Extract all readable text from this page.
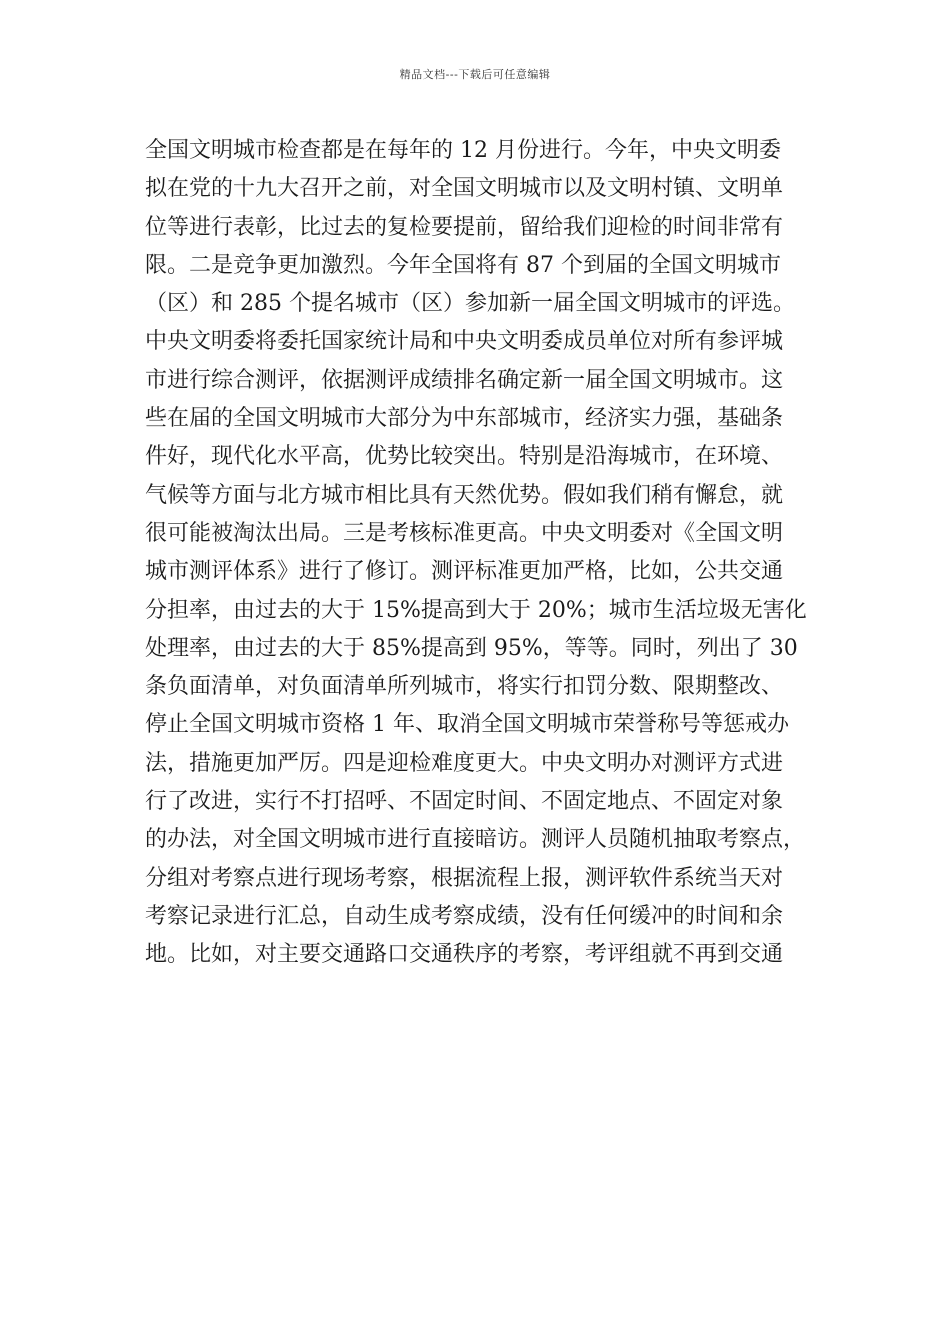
精品文档---下载后可任意编辑
全国文明城市检查都是在每年的 12 月份进行。今年，中央文明委
拟在党的十九大召开之前，对全国文明城市以及文明村镇、文明单
位等进行表彰，比过去的复检要提前，留给我们迎检的时间非常有
限。二是竞争更加激烈。今年全国将有 87 个到届的全国文明城市
（区）和 285 个提名城市（区）参加新一届全国文明城市的评选。
中央文明委将委托国家统计局和中央文明委成员单位对所有参评城
市进行综合测评，依据测评成绩排名确定新一届全国文明城市。这
些在届的全国文明城市大部分为中东部城市，经济实力强，基础条
件好，现代化水平高，优势比较突出。特别是沿海城市，在环境、
气候等方面与北方城市相比具有天然优势。假如我们稍有懈怠，就
很可能被淘汰出局。三是考核标准更高。中央文明委对《全国文明
城市测评体系》进行了修订。测评标准更加严格，比如，公共交通
分担率，由过去的大于 15%提高到大于 20%；城市生活垃圾无害化
处理率，由过去的大于 85%提高到 95%，等等。同时，列出了 30
条负面清单，对负面清单所列城市，将实行扣罚分数、限期整改、
停止全国文明城市资格 1 年、取消全国文明城市荣誉称号等惩戒办
法，措施更加严厉。四是迎检难度更大。中央文明办对测评方式进
行了改进，实行不打招呼、不固定时间、不固定地点、不固定对象
的办法，对全国文明城市进行直接暗访。测评人员随机抽取考察点，
分组对考察点进行现场考察，根据流程上报，测评软件系统当天对
考察记录进行汇总，自动生成考察成绩，没有任何缓冲的时间和余
地。比如，对主要交通路口交通秩序的考察，考评组就不再到交通
